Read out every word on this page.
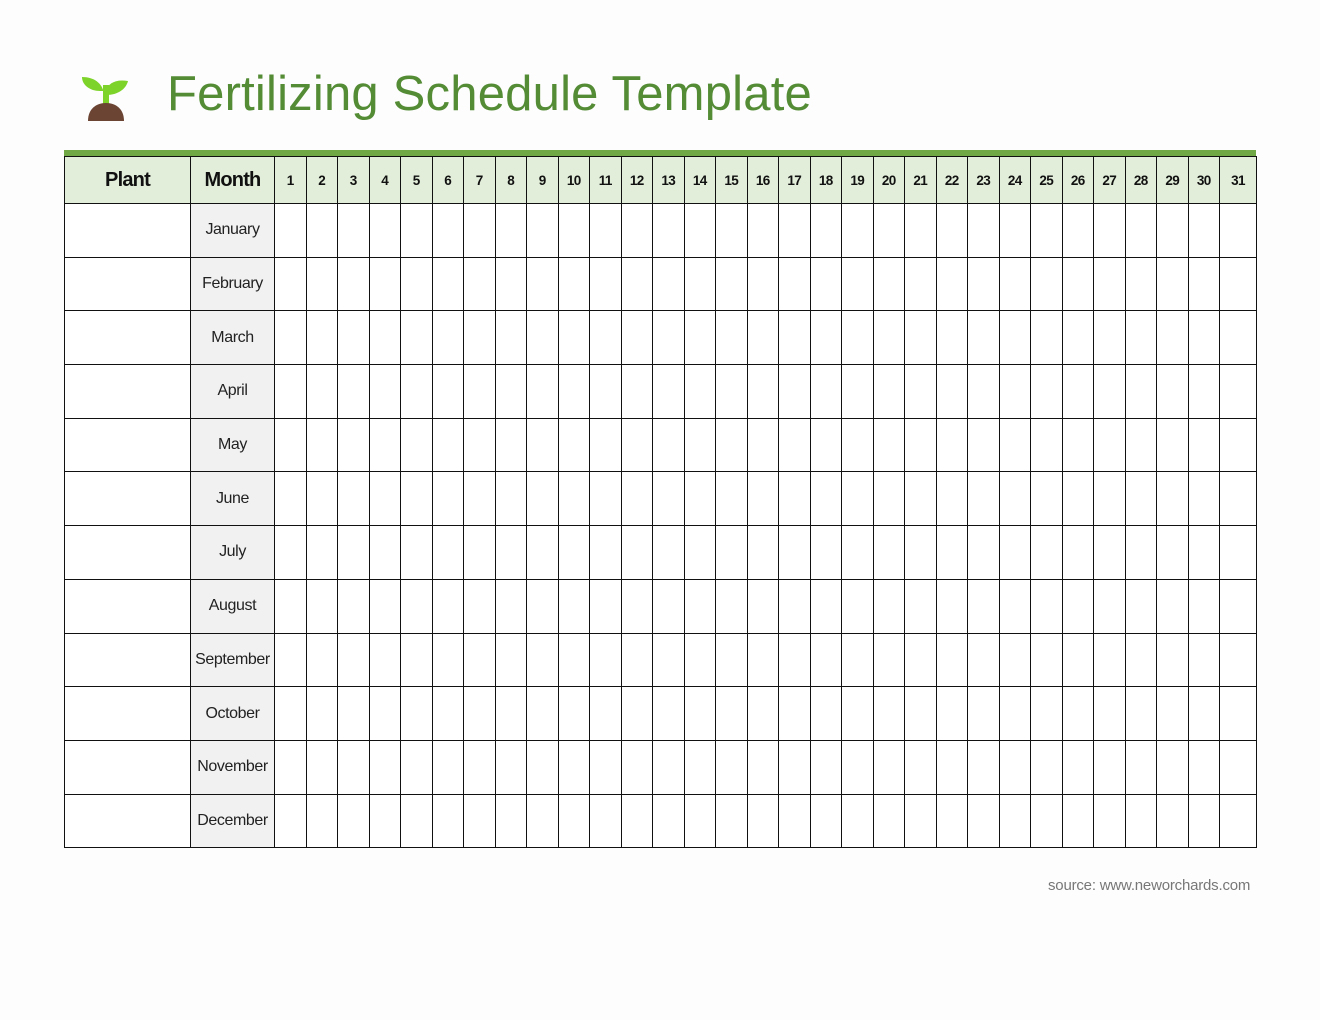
Fertilizing Schedule Template
Plant	Month	1	2	3	4	5	6	7	8	9	10	11	12	13	14	15	16	17	18	19	20	21	22	23	24	25	26	27	28	29	30	31
	January																															
	February																															
	March																															
	April																															
	May																															
	June																															
	July																															
	August																															
	September																															
	October																															
	November																															
	December																															
source: www.neworchards.com
